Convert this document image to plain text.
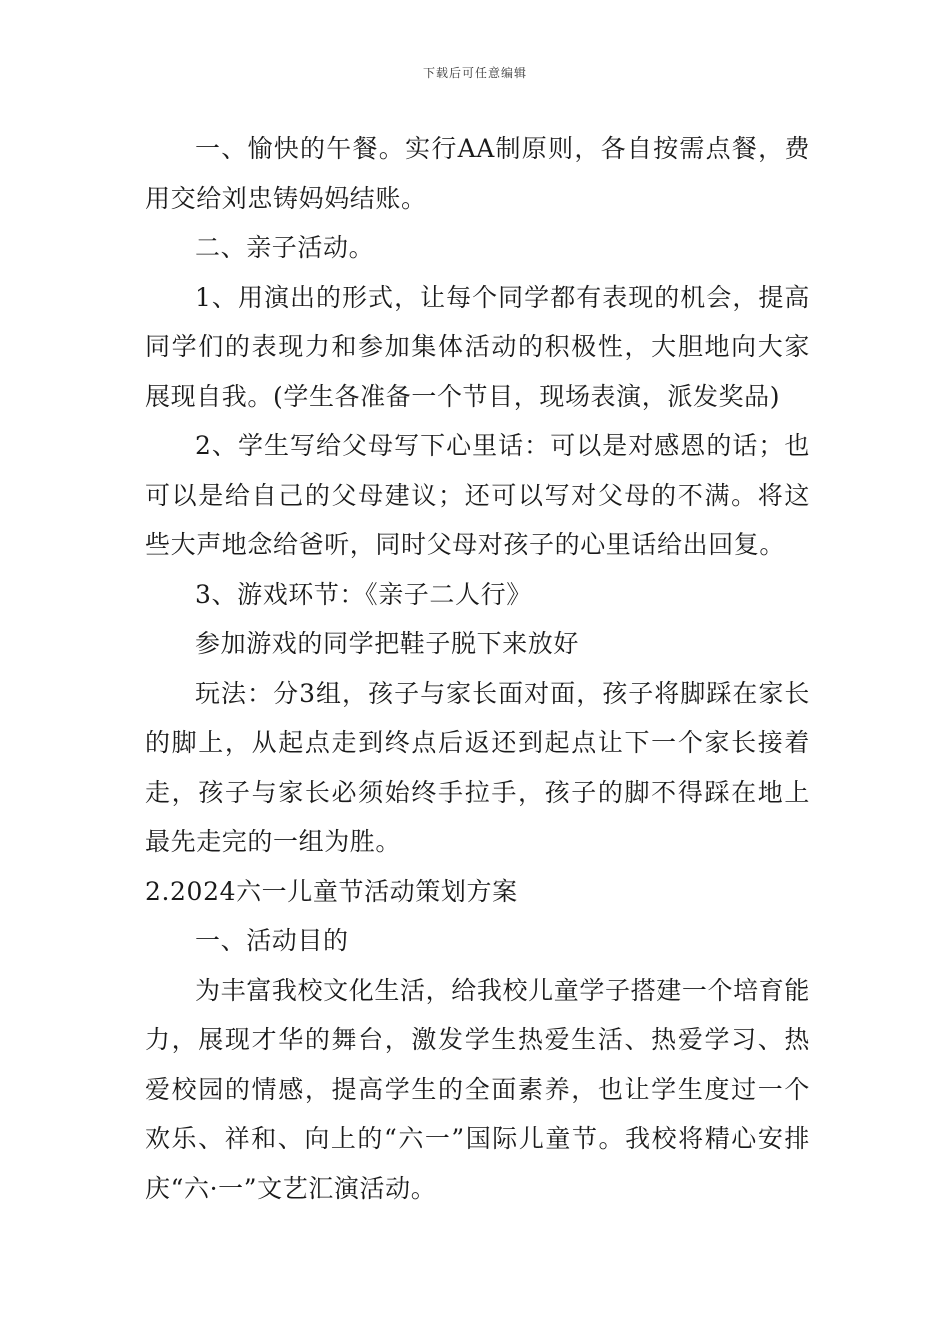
下载后可任意编辑

一、愉快的午餐。实行AA制原则，各自按需点餐，费用交给刘忠铸妈妈结账。

二、亲子活动。

1、用演出的形式，让每个同学都有表现的机会，提高同学们的表现力和参加集体活动的积极性，大胆地向大家展现自我。(学生各准备一个节目，现场表演，派发奖品)

2、学生写给父母写下心里话：可以是对感恩的话；也可以是给自己的父母建议；还可以写对父母的不满。将这些大声地念给爸听，同时父母对孩子的心里话给出回复。

3、游戏环节：《亲子二人行》

参加游戏的同学把鞋子脱下来放好

玩法：分3组，孩子与家长面对面，孩子将脚踩在家长的脚上，从起点走到终点后返还到起点让下一个家长接着走，孩子与家长必须始终手拉手，孩子的脚不得踩在地上最先走完的一组为胜。

2.2024六一儿童节活动策划方案

一、活动目的

为丰富我校文化生活，给我校儿童学子搭建一个培育能力，展现才华的舞台，激发学生热爱生活、热爱学习、热爱校园的情感，提高学生的全面素养，也让学生度过一个欢乐、祥和、向上的“六一”国际儿童节。我校将精心安排庆“六·一”文艺汇演活动。
